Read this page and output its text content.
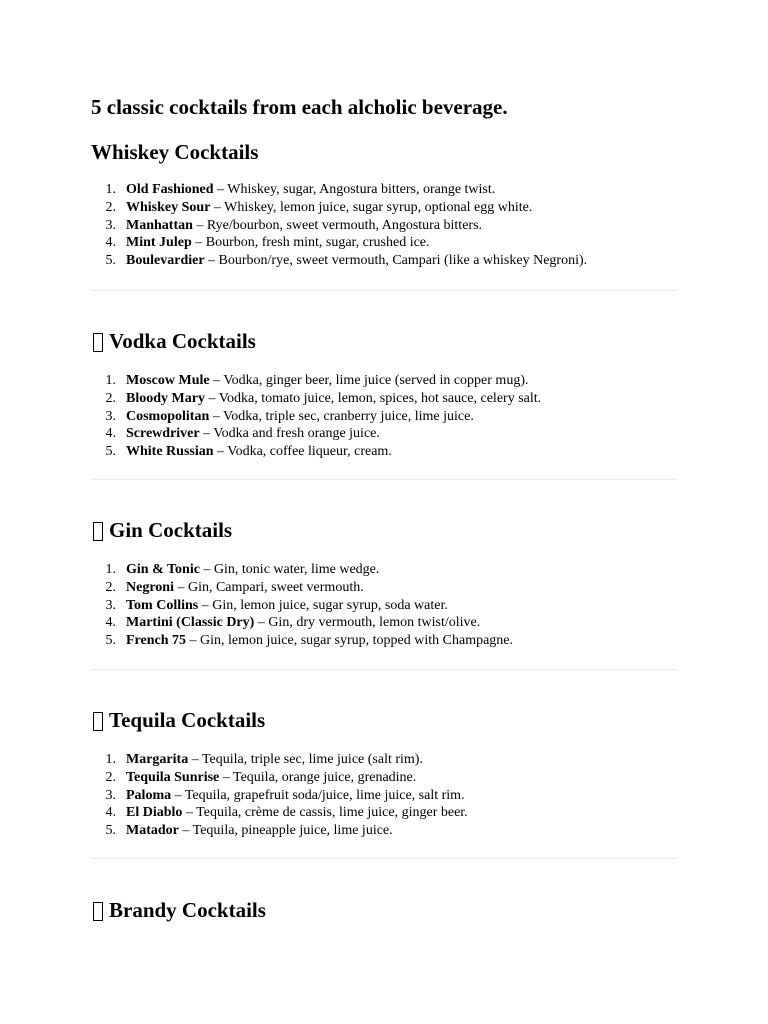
5 classic cocktails from each alcholic beverage.
Whiskey Cocktails
1. Old Fashioned – Whiskey, sugar, Angostura bitters, orange twist.
2. Whiskey Sour – Whiskey, lemon juice, sugar syrup, optional egg white.
3. Manhattan – Rye/bourbon, sweet vermouth, Angostura bitters.
4. Mint Julep – Bourbon, fresh mint, sugar, crushed ice.
5. Boulevardier – Bourbon/rye, sweet vermouth, Campari (like a whiskey Negroni).
Vodka Cocktails
1. Moscow Mule – Vodka, ginger beer, lime juice (served in copper mug).
2. Bloody Mary – Vodka, tomato juice, lemon, spices, hot sauce, celery salt.
3. Cosmopolitan – Vodka, triple sec, cranberry juice, lime juice.
4. Screwdriver – Vodka and fresh orange juice.
5. White Russian – Vodka, coffee liqueur, cream.
Gin Cocktails
1. Gin & Tonic – Gin, tonic water, lime wedge.
2. Negroni – Gin, Campari, sweet vermouth.
3. Tom Collins – Gin, lemon juice, sugar syrup, soda water.
4. Martini (Classic Dry) – Gin, dry vermouth, lemon twist/olive.
5. French 75 – Gin, lemon juice, sugar syrup, topped with Champagne.
Tequila Cocktails
1. Margarita – Tequila, triple sec, lime juice (salt rim).
2. Tequila Sunrise – Tequila, orange juice, grenadine.
3. Paloma – Tequila, grapefruit soda/juice, lime juice, salt rim.
4. El Diablo – Tequila, crème de cassis, lime juice, ginger beer.
5. Matador – Tequila, pineapple juice, lime juice.
Brandy Cocktails
